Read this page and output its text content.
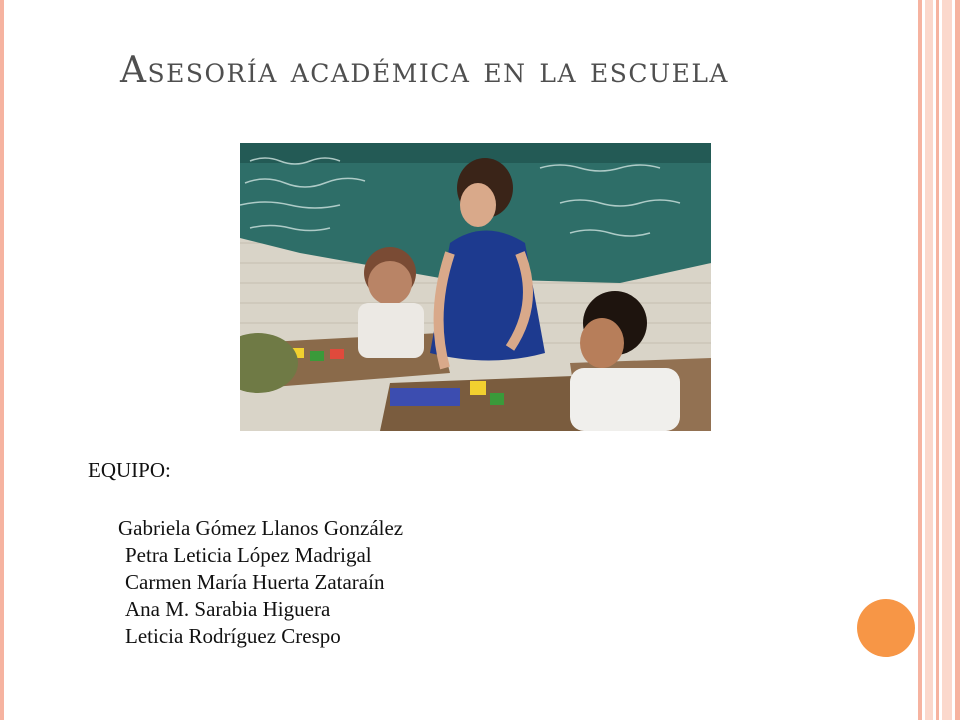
Asesoría académica en la escuela

EQUIPO:

Gabriela Gómez Llanos González

Petra Leticia López Madrigal

Carmen María Huerta Zataraín

Ana M. Sarabia Higuera

Leticia Rodríguez Crespo
